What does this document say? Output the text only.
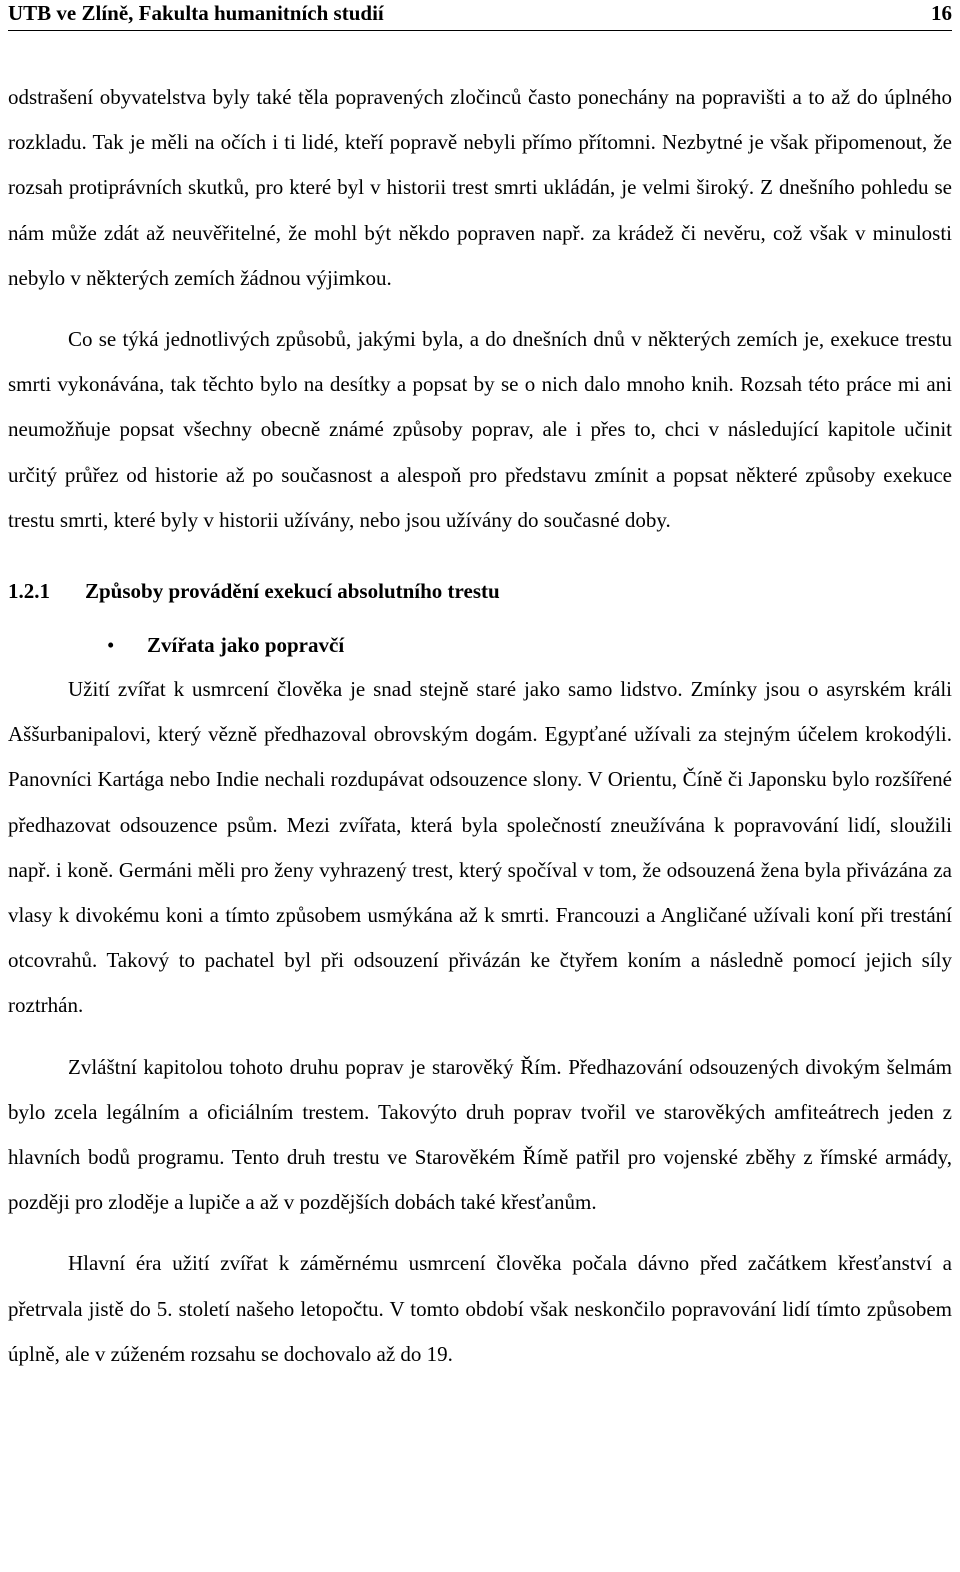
UTB ve Zlíně, Fakulta humanitních studií	16

odstrašení obyvatelstva byly také těla popravených zločinců často ponechány na popravišti a to až do úplného rozkladu. Tak je měli na očích i ti lidé, kteří popravě nebyli přímo přítomni. Nezbytné je však připomenout, že rozsah protiprávních skutků, pro které byl v historii trest smrti ukládán, je velmi široký. Z dnešního pohledu se nám může zdát až neuvěřitelné, že mohl být někdo popraven např. za krádež či nevěru, což však v minulosti nebylo v některých zemích žádnou výjimkou.

Co se týká jednotlivých způsobů, jakými byla, a do dnešních dnů v některých zemích je, exekuce trestu smrti vykonávána, tak těchto bylo na desítky a popsat by se o nich dalo mnoho knih. Rozsah této práce mi ani neumožňuje popsat všechny obecně známé způsoby poprav, ale i přes to, chci v následující kapitole učinit určitý průřez od historie až po současnost a alespoň pro představu zmínit a popsat některé způsoby exekuce trestu smrti, které byly v historii užívány, nebo jsou užívány do současné doby.

1.2.1 Způsoby provádění exekucí absolutního trestu
• Zvířata jako popravčí

Užití zvířat k usmrcení člověka je snad stejně staré jako samo lidstvo. Zmínky jsou o asyrském králi Aššurbanipalovi, který vězně předhazoval obrovským dogám. Egypťané užívali za stejným účelem krokodýli. Panovníci Kartága nebo Indie nechali rozdupávat odsouzence slony. V Orientu, Číně či Japonsku bylo rozšířené předhazovat odsouzence psům. Mezi zvířata, která byla společností zneužívána k popravování lidí, sloužili např. i koně. Germáni měli pro ženy vyhrazený trest, který spočíval v tom, že odsouzená žena byla přivázána za vlasy k divokému koni a tímto způsobem usmýkána až k smrti. Francouzi a Angličané užívali koní při trestání otcovrahů. Takový to pachatel byl při odsouzení přivázán ke čtyřem koním a následně pomocí jejich síly roztrhán.

Zvláštní kapitolou tohoto druhu poprav je starověký Řím. Předhazování odsouzených divokým šelmám bylo zcela legálním a oficiálním trestem. Takovýto druh poprav tvořil ve starověkých amfiteátrech jeden z hlavních bodů programu. Tento druh trestu ve Starověkém Římě patřil pro vojenské zběhy z římské armády, později pro zloděje a lupiče a až v pozdějších dobách také křesťanům.

Hlavní éra užití zvířat k záměrnému usmrcení člověka počala dávno před začátkem křesťanství a přetrvala jistě do 5. století našeho letopočtu. V tomto období však neskončilo popravování lidí tímto způsobem úplně, ale v zúženém rozsahu se dochovalo až do 19.
